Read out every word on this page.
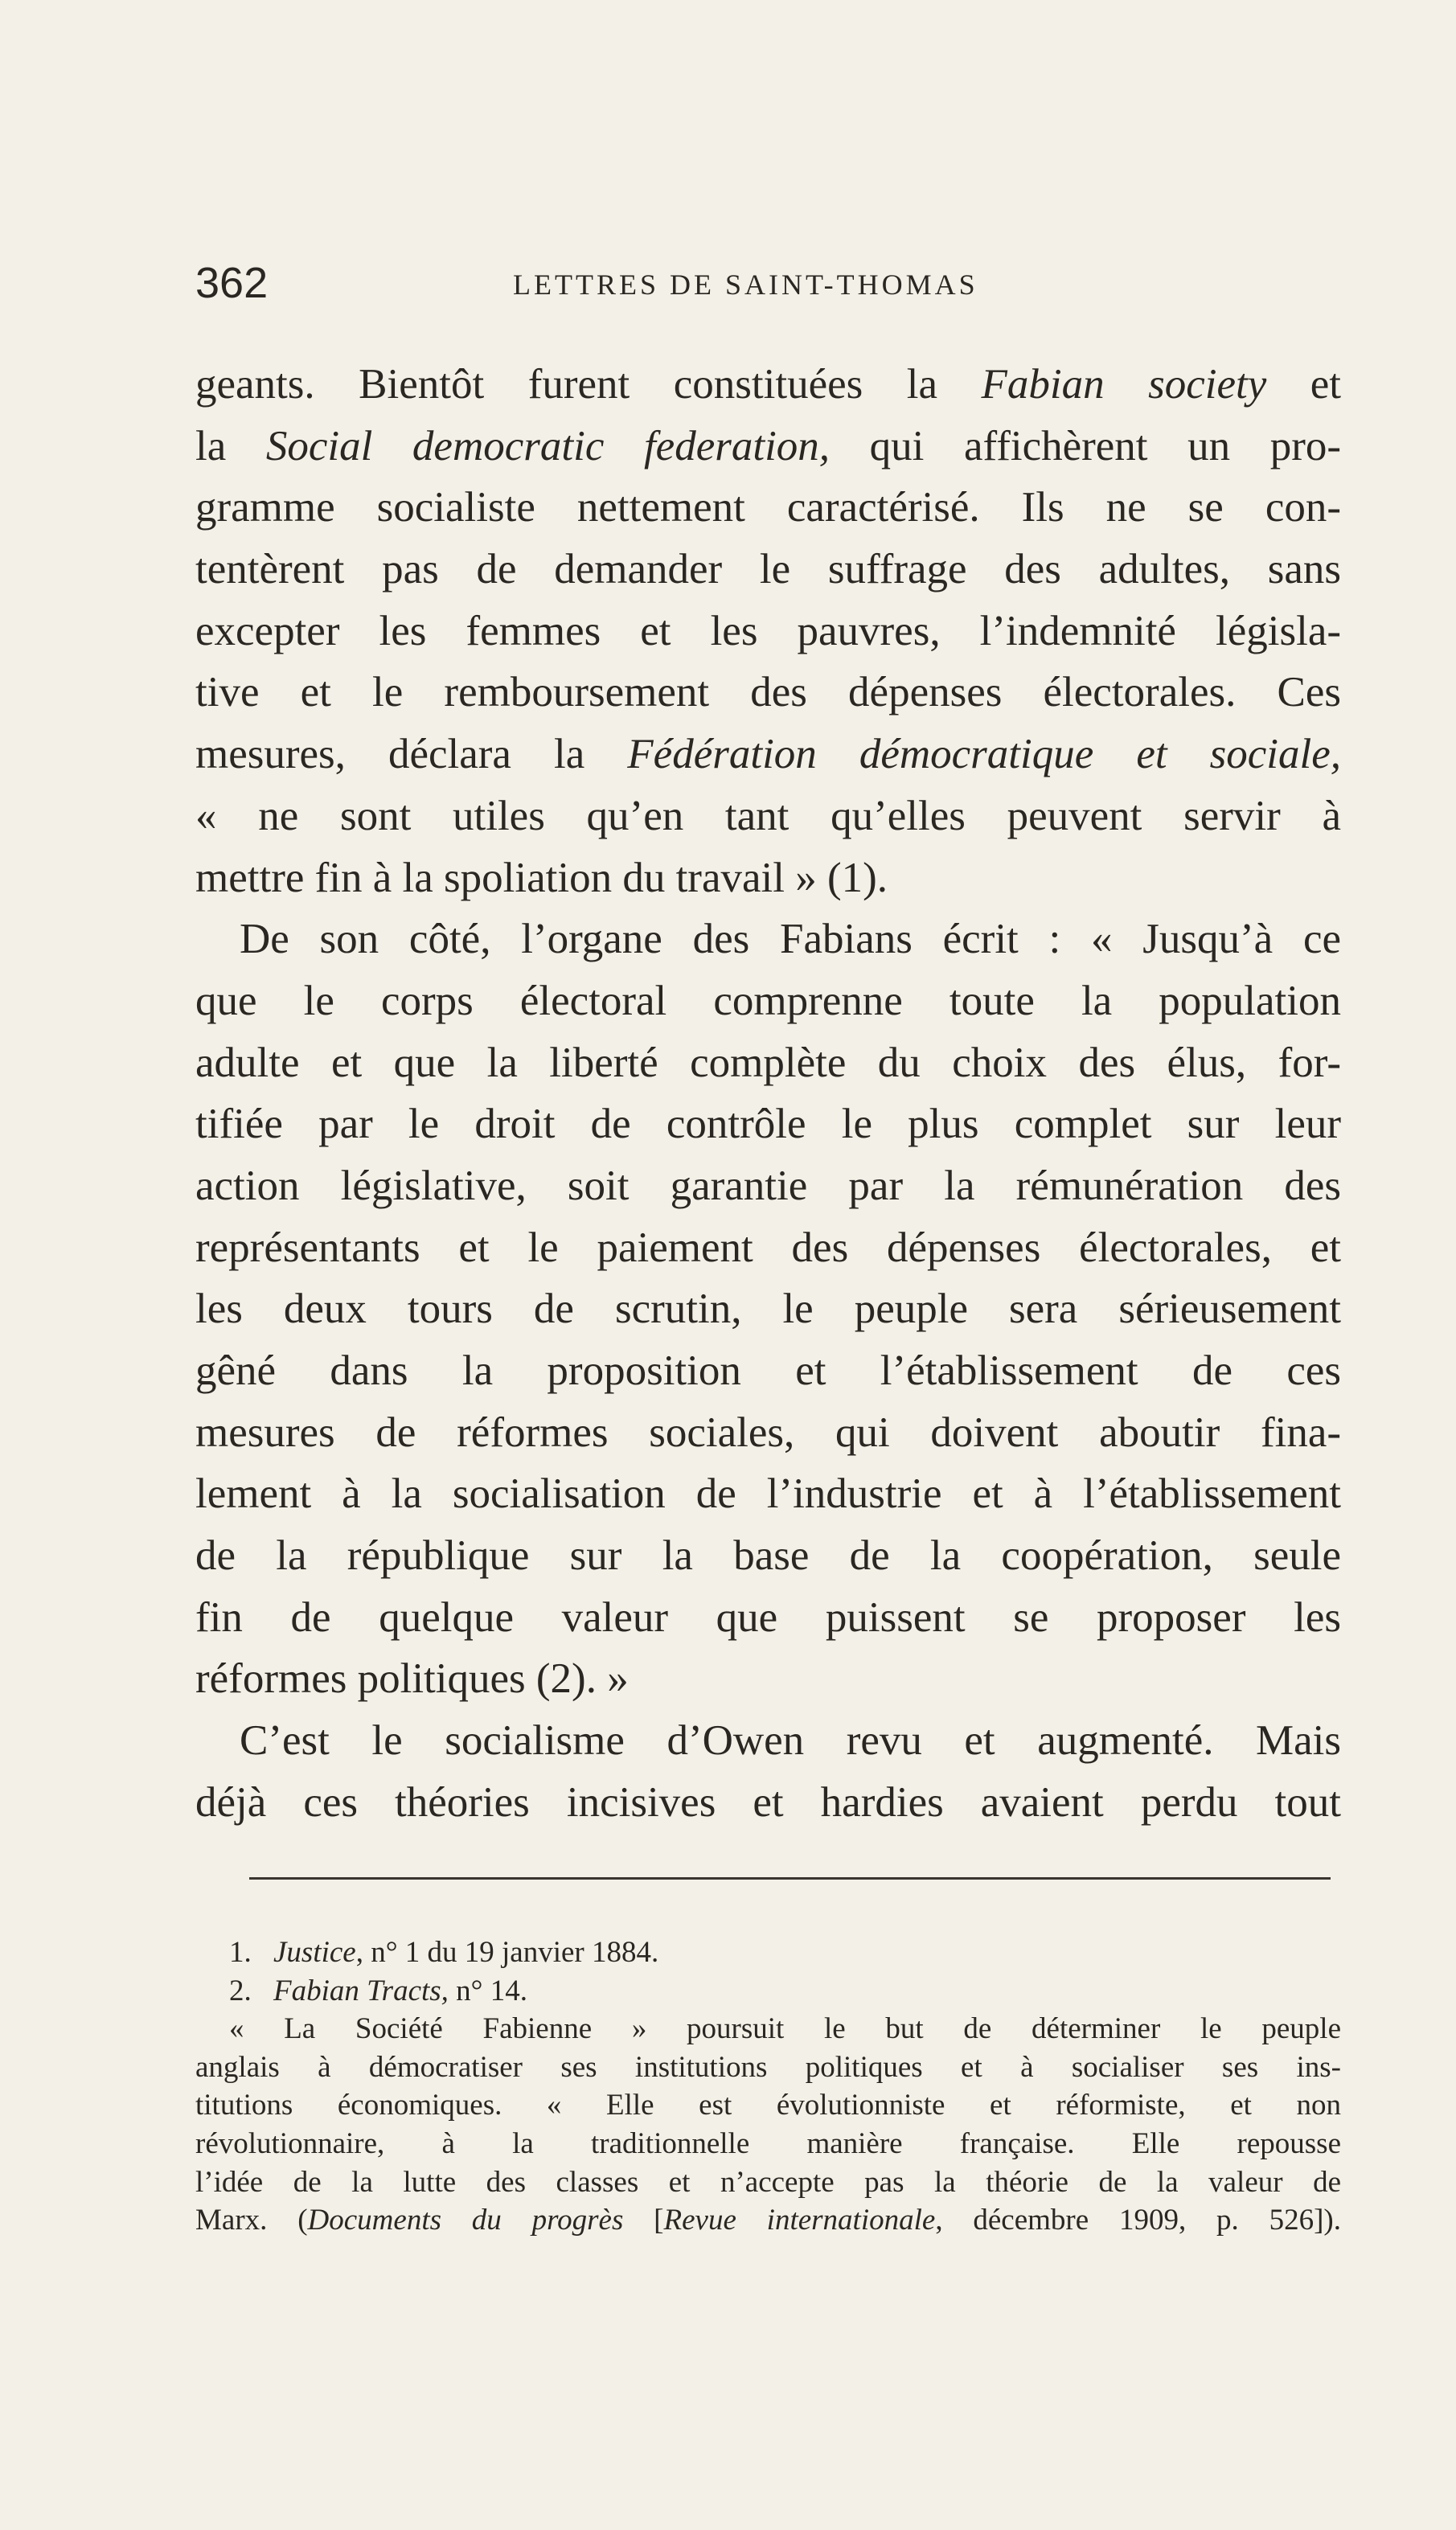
362	LETTRES DE SAINT-THOMAS
geants. Bientôt furent constituées la Fabian society et
la Social democratic federation, qui affichèrent un pro-
gramme socialiste nettement caractérisé. Ils ne se con-
tentèrent pas de demander le suffrage des adultes, sans
excepter les femmes et les pauvres, l’indemnité législa-
tive et le remboursement des dépenses électorales. Ces
mesures, déclara la Fédération démocratique et sociale,
« ne sont utiles qu’en tant qu’elles peuvent servir à
mettre fin à la spoliation du travail » (1).
De son côté, l’organe des Fabians écrit : « Jusqu’à ce
que le corps électoral comprenne toute la population
adulte et que la liberté complète du choix des élus, for-
tifiée par le droit de contrôle le plus complet sur leur
action législative, soit garantie par la rémunération des
représentants et le paiement des dépenses électorales, et
les deux tours de scrutin, le peuple sera sérieusement
gêné dans la proposition et l’établissement de ces
mesures de réformes sociales, qui doivent aboutir fina-
lement à la socialisation de l’industrie et à l’établissement
de la république sur la base de la coopération, seule
fin de quelque valeur que puissent se proposer les
réformes politiques (2). »
C’est le socialisme d’Owen revu et augmenté. Mais
déjà ces théories incisives et hardies avaient perdu tout
1. Justice, n° 1 du 19 janvier 1884.
2. Fabian Tracts, n° 14.
« La Société Fabienne » poursuit le but de déterminer le peuple
anglais à démocratiser ses institutions politiques et à socialiser ses ins-
titutions économiques. « Elle est évolutionniste et réformiste, et non
révolutionnaire, à la traditionnelle manière française. Elle repousse
l’idée de la lutte des classes et n’accepte pas la théorie de la valeur de
Marx. (Documents du progrès [Revue internationale, décembre 1909, p. 526]).
